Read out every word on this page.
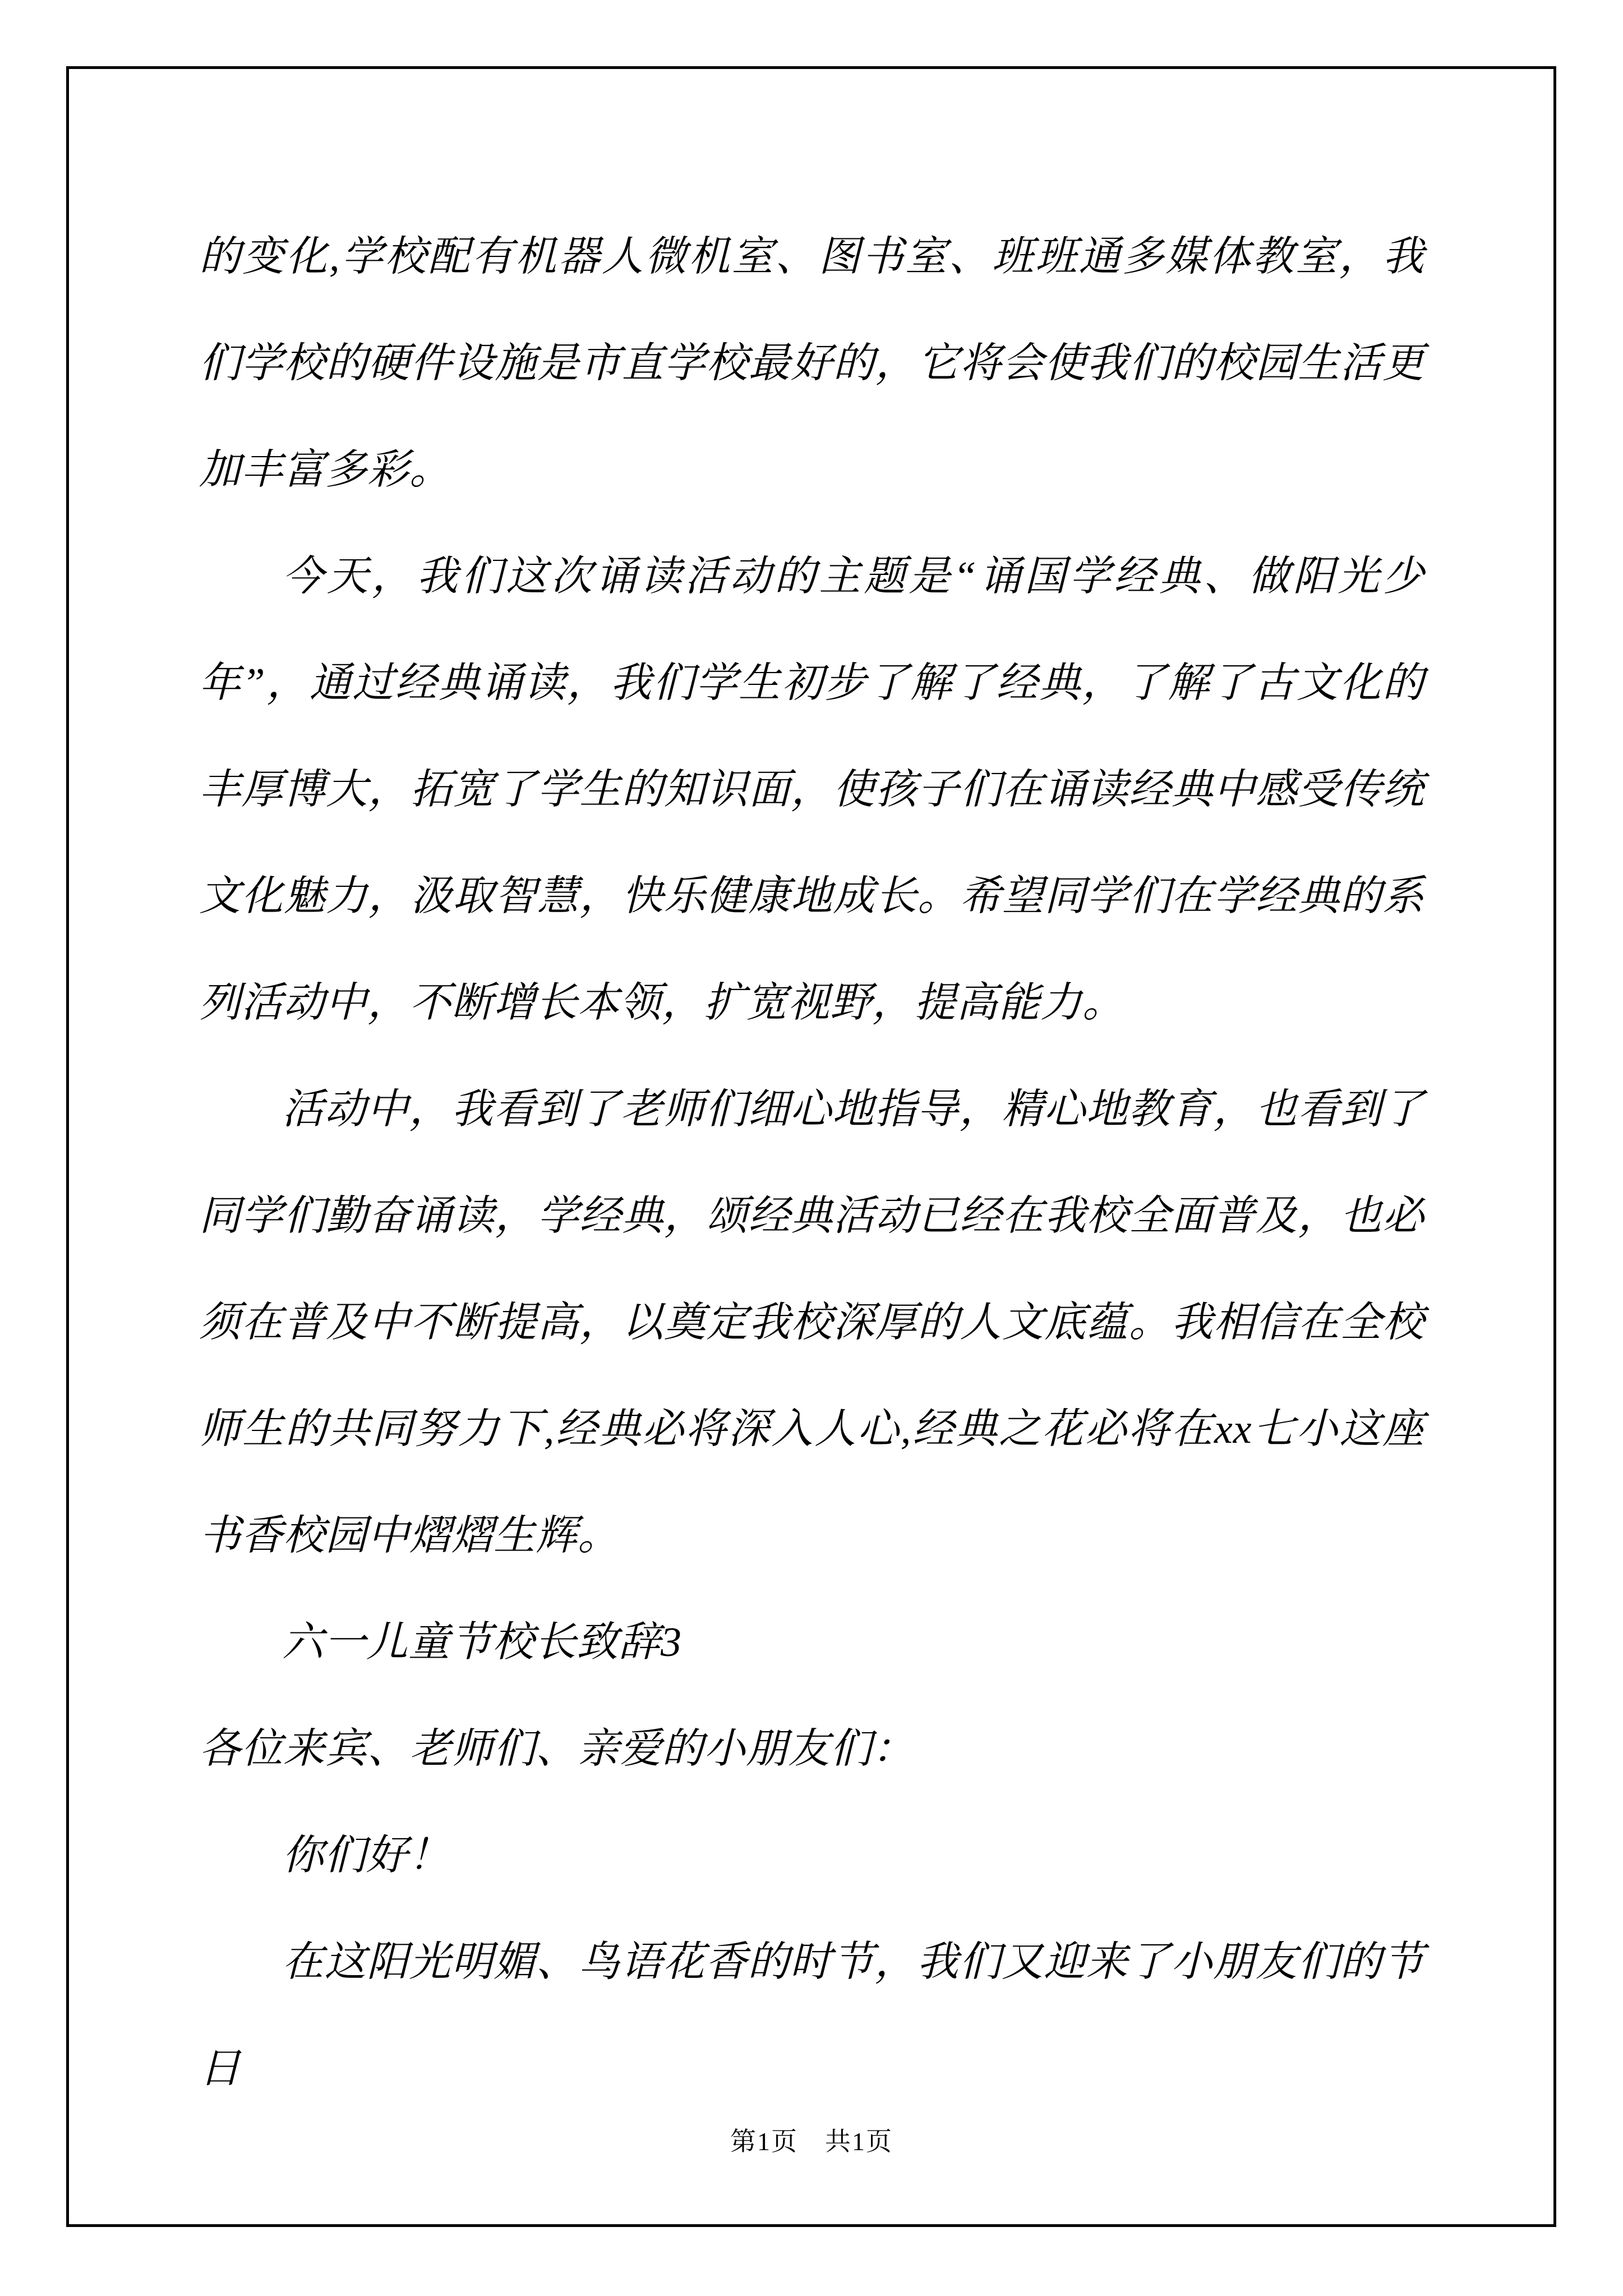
的变化,学校配有机器人微机室、图书室、班班通多媒体教室，我们学校的硬件设施是市直学校最好的，它将会使我们的校园生活更加丰富多彩。

今天，我们这次诵读活动的主题是“诵国学经典、做阳光少年”，通过经典诵读，我们学生初步了解了经典，了解了古文化的丰厚博大，拓宽了学生的知识面，使孩子们在诵读经典中感受传统文化魅力，汲取智慧，快乐健康地成长。希望同学们在学经典的系列活动中，不断增长本领，扩宽视野，提高能力。

活动中，我看到了老师们细心地指导，精心地教育，也看到了同学们勤奋诵读，学经典，颂经典活动已经在我校全面普及，也必须在普及中不断提高，以奠定我校深厚的人文底蕴。我相信在全校师生的共同努力下,经典必将深入人心,经典之花必将在xx七小这座书香校园中熠熠生辉。

六一儿童节校长致辞3

各位来宾、老师们、亲爱的小朋友们：

你们好！

在这阳光明媚、鸟语花香的时节，我们又迎来了小朋友们的节日

第1页　共1页
